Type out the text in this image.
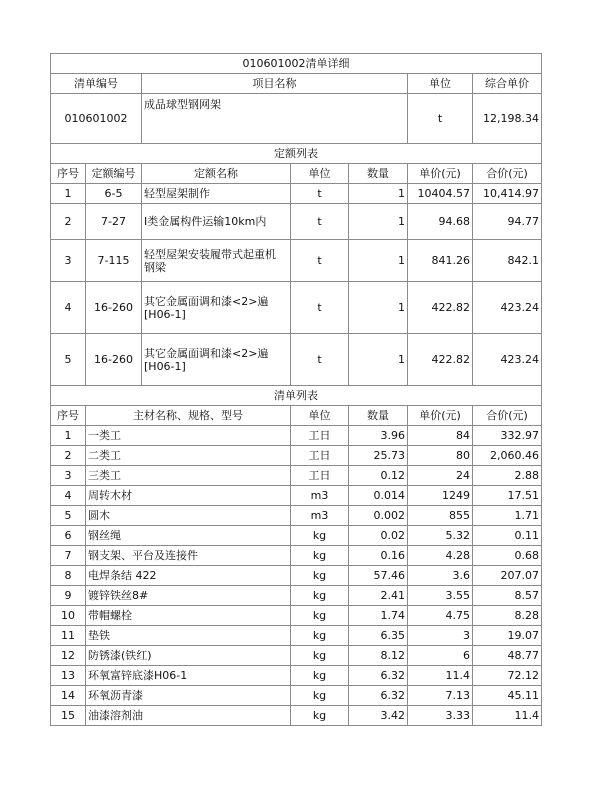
010601002清单详细						
清单编号		项目名称			单位	综合单价
010601002		成品球型钢网架			t	12,198.34
定额列表						
序号	定额编号	定额名称	单位	数量	单价(元)	合价(元)
1	6-5	轻型屋架制作	t	1	10404.57	10,414.97
2	7-27	Ⅰ类金属构件运输10km内	t	1	94.68	94.77
3	7-115	轻型屋架安装履带式起重机 钢梁	t	1	841.26	842.1
4	16-260	其它金属面调和漆<2>遍 [H06-1]	t	1	422.82	423.24
5	16-260	其它金属面调和漆<2>遍 [H06-1]	t	1	422.82	423.24
清单列表						
序号	主材名称、规格、型号		单位	数量	单价(元)	合价(元)
1	一类工		工日	3.96	84	332.97
2	二类工		工日	25.73	80	2,060.46
3	三类工		工日	0.12	24	2.88
4	周转木材		m3	0.014	1249	17.51
5	圆木		m3	0.002	855	1.71
6	钢丝绳		kg	0.02	5.32	0.11
7	钢支架、平台及连接件		kg	0.16	4.28	0.68
8	电焊条结 422		kg	57.46	3.6	207.07
9	镀锌铁丝8#		kg	2.41	3.55	8.57
10	带帽螺栓		kg	1.74	4.75	8.28
11	垫铁		kg	6.35	3	19.07
12	防锈漆(铁红)		kg	8.12	6	48.77
13	环氧富锌底漆H06-1		kg	6.32	11.4	72.12
14	环氧沥青漆		kg	6.32	7.13	45.11
15	油漆溶剂油		kg	3.42	3.33	11.4
